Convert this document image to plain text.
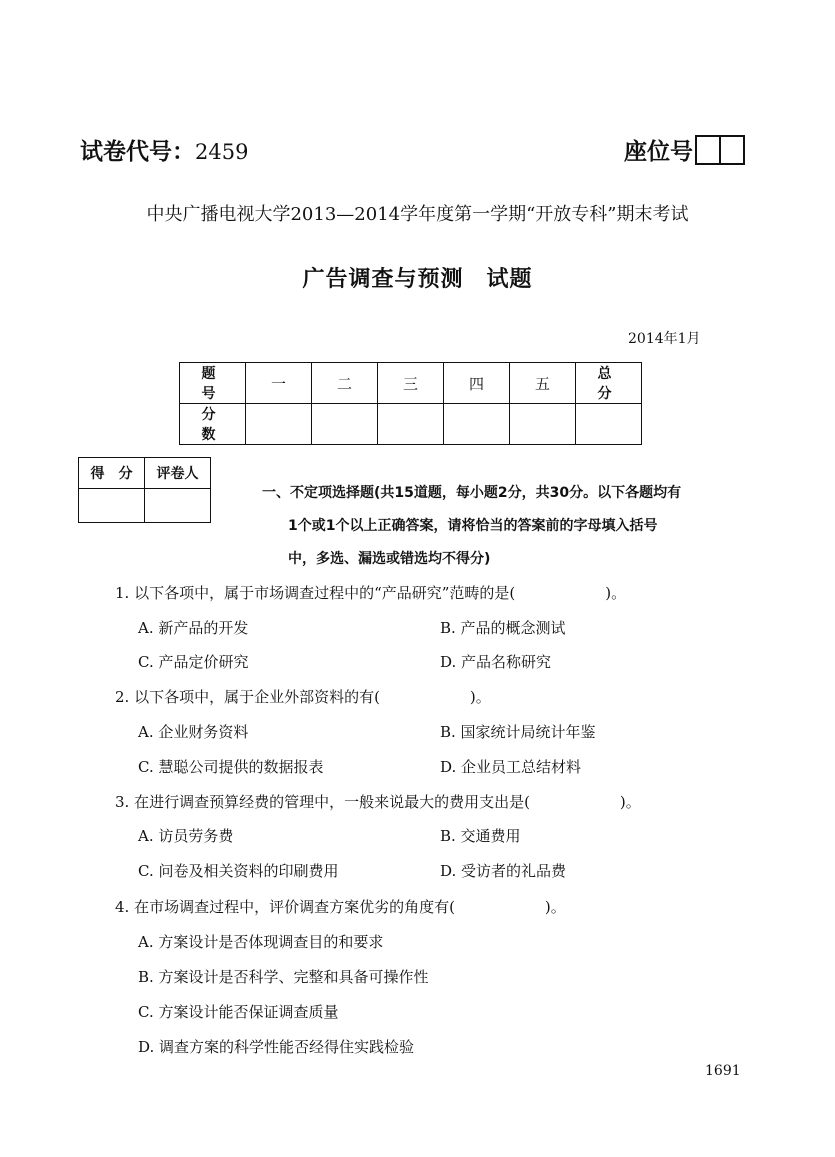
试卷代号：2459	座位号
中央广播电视大学2013—2014学年度第一学期“开放专科”期末考试
广告调查与预测　试题
2014年1月
题　号	一	二	三	四	五	总　分
分　数						
得　分	评卷人

一、不定项选择题(共15道题，每小题2分，共30分。以下各题均有
1个或1个以上正确答案，请将恰当的答案前的字母填入括号
中，多选、漏选或错选均不得分)
1. 以下各项中，属于市场调查过程中的“产品研究”范畴的是(　　　　　　)。
A. 新产品的开发	B. 产品的概念测试
C. 产品定价研究	D. 产品名称研究
2. 以下各项中，属于企业外部资料的有(　　　　　　)。
A. 企业财务资料	B. 国家统计局统计年鉴
C. 慧聪公司提供的数据报表	D. 企业员工总结材料
3. 在进行调查预算经费的管理中，一般来说最大的费用支出是(　　　　　　)。
A. 访员劳务费	B. 交通费用
C. 问卷及相关资料的印刷费用	D. 受访者的礼品费
4. 在市场调查过程中，评价调查方案优劣的角度有(　　　　　　)。
A. 方案设计是否体现调查目的和要求
B. 方案设计是否科学、完整和具备可操作性
C. 方案设计能否保证调查质量
D. 调查方案的科学性能否经得住实践检验
1691
